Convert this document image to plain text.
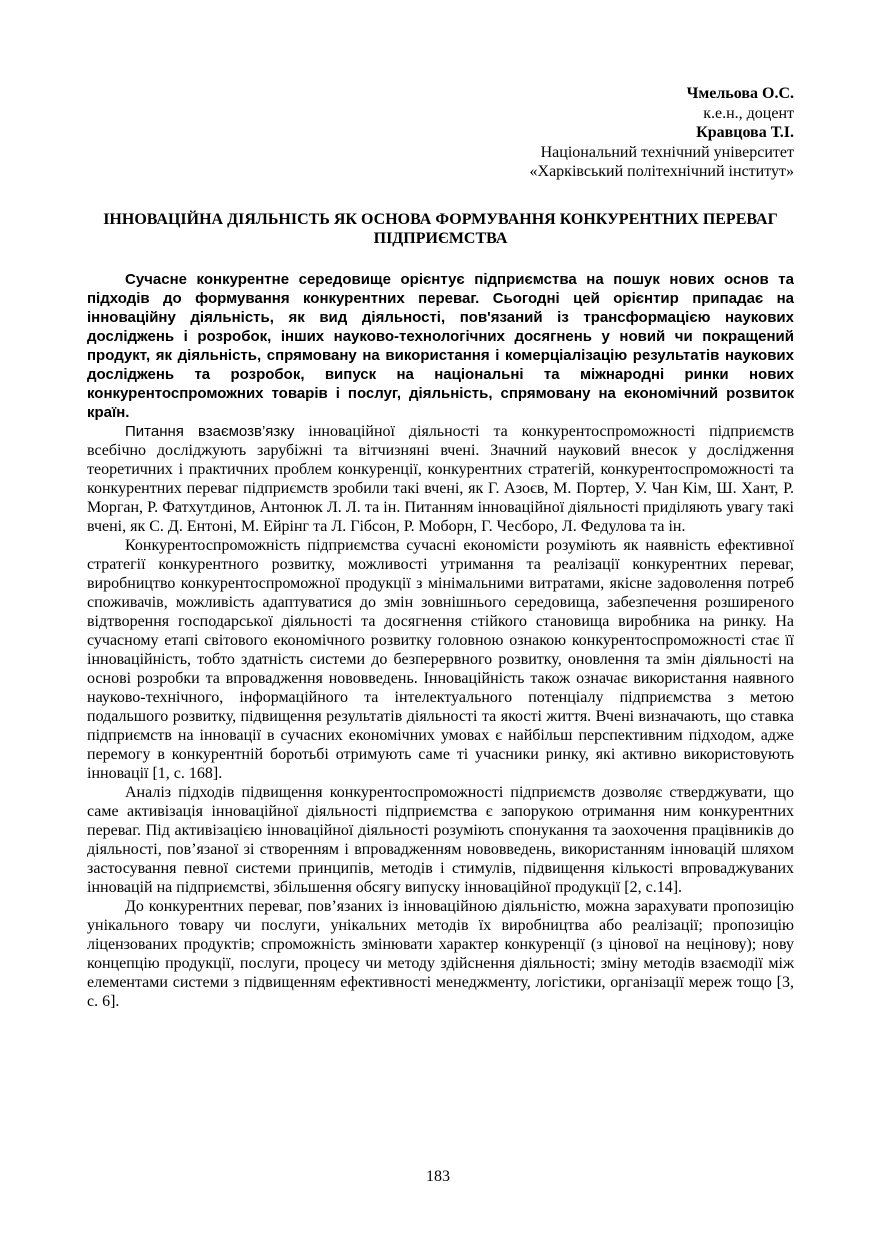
Чмельова О.С.
к.е.н., доцент
Кравцова Т.І.
Національний технічний університет
«Харківський політехнічний інститут»
ІННОВАЦІЙНА ДІЯЛЬНІСТЬ ЯК ОСНОВА ФОРМУВАННЯ КОНКУРЕНТНИХ ПЕРЕВАГ ПІДПРИЄМСТВА

Сучасне конкурентне середовище орієнтує підприємства на пошук нових основ та підходів до формування конкурентних переваг. Сьогодні цей орієнтир припадає на інноваційну діяльність, як вид діяльності, пов'язаний із трансформацією наукових досліджень і розробок, інших науково-технологічних досягнень у новий чи покращений продукт, як діяльність, спрямовану на використання і комерціалізацію результатів наукових досліджень та розробок, випуск на національні та міжнародні ринки нових конкурентоспроможних товарів і послуг, діяльність, спрямовану на економічний розвиток країн.

Питання взаємозв’язку інноваційної діяльності та конкурентоспроможності підприємств всебічно досліджують зарубіжні та вітчизняні вчені. Значний науковий внесок у дослідження теоретичних і практичних проблем конкуренції, конкурентних стратегій, конкурентоспроможності та конкурентних переваг підприємств зробили такі вчені, як Г. Азоєв, М. Портер, У. Чан Кім, Ш. Хант, Р. Морган, Р. Фатхутдинов, Антонюк Л. Л. та ін. Питанням інноваційної діяльності приділяють увагу такі вчені, як С. Д. Ентоні, М. Ейрінг та Л. Гібсон, Р. Моборн, Г. Чесборо, Л. Федулова та ін.

Конкурентоспроможність підприємства сучасні економісти розуміють як наявність ефективної стратегії конкурентного розвитку, можливості утримання та реалізації конкурентних переваг, виробництво конкурентоспроможної продукції з мінімальними витратами, якісне задоволення потреб споживачів, можливість адаптуватися до змін зовнішнього середовища, забезпечення розширеного відтворення господарської діяльності та досягнення стійкого становища виробника на ринку. На сучасному етапі світового економічного розвитку головною ознакою конкурентоспроможності стає її інноваційність, тобто здатність системи до безперервного розвитку, оновлення та змін діяльності на основі розробки та впровадження нововведень. Інноваційність також означає використання наявного науково-технічного, інформаційного та інтелектуального потенціалу підприємства з метою подальшого розвитку, підвищення результатів діяльності та якості життя. Вчені визначають, що ставка підприємств на інновації в сучасних економічних умовах є найбільш перспективним підходом, адже перемогу в конкурентній боротьбі отримують саме ті учасники ринку, які активно використовують інновації [1, с. 168].

Аналіз підходів підвищення конкурентоспроможності підприємств дозволяє стверджувати, що саме активізація інноваційної діяльності підприємства є запорукою отримання ним конкурентних переваг. Під активізацією інноваційної діяльності розуміють спонукання та заохочення працівників до діяльності, пов’язаної зі створенням і впровадженням нововведень, використанням інновацій шляхом застосування певної системи принципів, методів і стимулів, підвищення кількості впроваджуваних інновацій на підприємстві, збільшення обсягу випуску інноваційної продукції [2, с.14].

До конкурентних переваг, пов’язаних із інноваційною діяльністю, можна зарахувати пропозицію унікального товару чи послуги, унікальних методів їх виробництва або реалізації; пропозицію ліцензованих продуктів; спроможність змінювати характер конкуренції (з цінової на нецінову); нову концепцію продукції, послуги, процесу чи методу здійснення діяльності; зміну методів взаємодії між елементами системи з підвищенням ефективності менеджменту, логістики, організації мереж тощо [3, с. 6].

183
